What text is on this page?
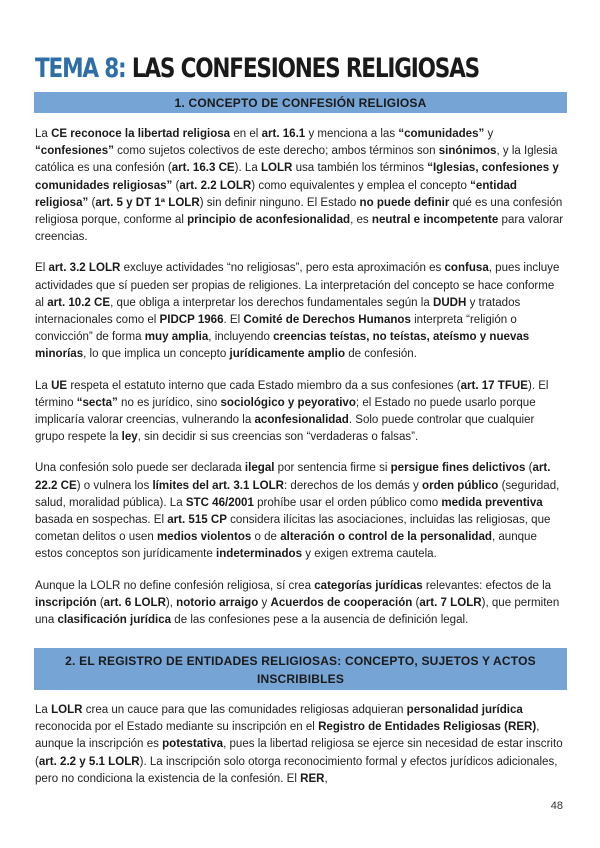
TEMA 8: LAS CONFESIONES RELIGIOSAS
1. CONCEPTO DE CONFESIÓN RELIGIOSA

La CE reconoce la libertad religiosa en el art. 16.1 y menciona a las “comunidades” y “confesiones” como sujetos colectivos de este derecho; ambos términos son sinónimos, y la Iglesia católica es una confesión (art. 16.3 CE). La LOLR usa también los términos “Iglesias, confesiones y comunidades religiosas” (art. 2.2 LOLR) como equivalentes y emplea el concepto “entidad religiosa” (art. 5 y DT 1ª LOLR) sin definir ninguno. El Estado no puede definir qué es una confesión religiosa porque, conforme al principio de aconfesionalidad, es neutral e incompetente para valorar creencias.

El art. 3.2 LOLR excluye actividades “no religiosas”, pero esta aproximación es confusa, pues incluye actividades que sí pueden ser propias de religiones. La interpretación del concepto se hace conforme al art. 10.2 CE, que obliga a interpretar los derechos fundamentales según la DUDH y tratados internacionales como el PIDCP 1966. El Comité de Derechos Humanos interpreta “religión o convicción” de forma muy amplia, incluyendo creencias teístas, no teístas, ateísmo y nuevas minorías, lo que implica un concepto jurídicamente amplio de confesión.

La UE respeta el estatuto interno que cada Estado miembro da a sus confesiones (art. 17 TFUE). El término “secta” no es jurídico, sino sociológico y peyorativo; el Estado no puede usarlo porque implicaría valorar creencias, vulnerando la aconfesionalidad. Solo puede controlar que cualquier grupo respete la ley, sin decidir si sus creencias son “verdaderas o falsas”.

Una confesión solo puede ser declarada ilegal por sentencia firme si persigue fines delictivos (art. 22.2 CE) o vulnera los límites del art. 3.1 LOLR: derechos de los demás y orden público (seguridad, salud, moralidad pública). La STC 46/2001 prohíbe usar el orden público como medida preventiva basada en sospechas. El art. 515 CP considera ilícitas las asociaciones, incluidas las religiosas, que cometan delitos o usen medios violentos o de alteración o control de la personalidad, aunque estos conceptos son jurídicamente indeterminados y exigen extrema cautela.

Aunque la LOLR no define confesión religiosa, sí crea categorías jurídicas relevantes: efectos de la inscripción (art. 6 LOLR), notorio arraigo y Acuerdos de cooperación (art. 7 LOLR), que permiten una clasificación jurídica de las confesiones pese a la ausencia de definición legal.

2. EL REGISTRO DE ENTIDADES RELIGIOSAS: CONCEPTO, SUJETOS Y ACTOS INSCRIBIBLES

La LOLR crea un cauce para que las comunidades religiosas adquieran personalidad jurídica reconocida por el Estado mediante su inscripción en el Registro de Entidades Religiosas (RER), aunque la inscripción es potestativa, pues la libertad religiosa se ejerce sin necesidad de estar inscrito (art. 2.2 y 5.1 LOLR). La inscripción solo otorga reconocimiento formal y efectos jurídicos adicionales, pero no condiciona la existencia de la confesión. El RER,

48
